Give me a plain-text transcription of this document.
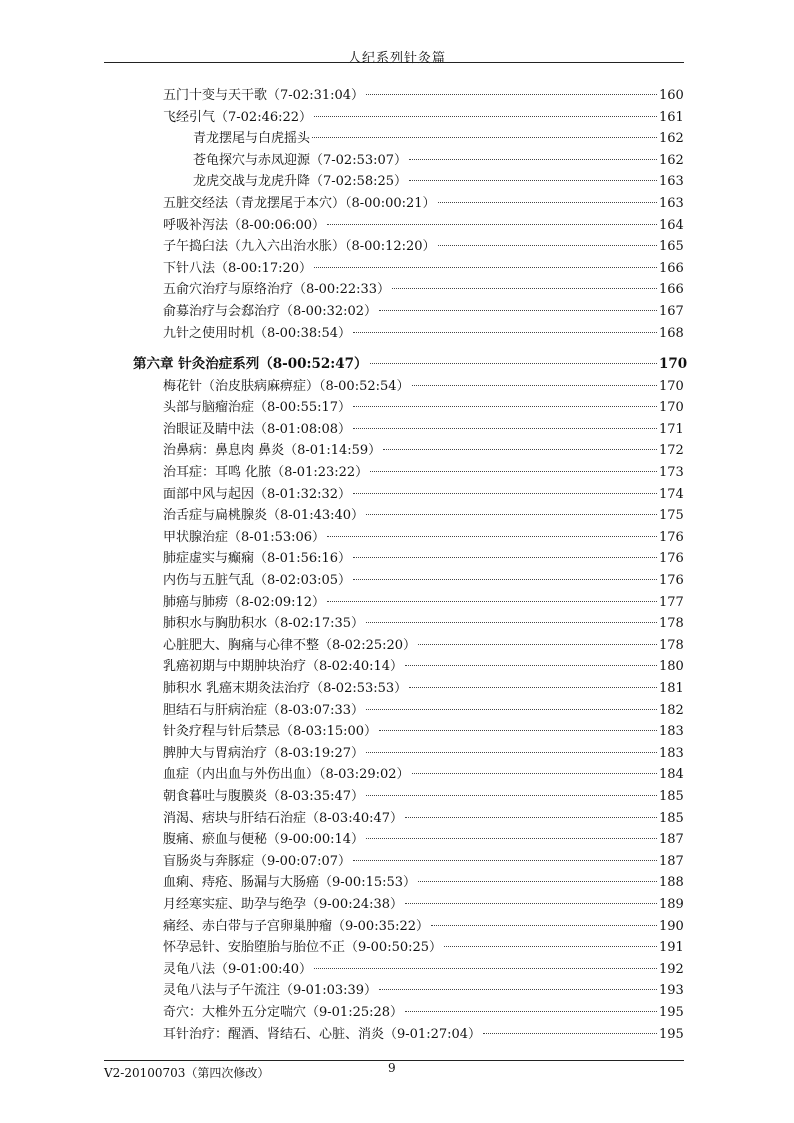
人纪系列针灸篇
五门十变与天干歌（7-02:31:04）	160
飞经引气（7-02:46:22）	161
青龙摆尾与白虎摇头	162
苍龟探穴与赤凤迎源（7-02:53:07）	162
龙虎交战与龙虎升降（7-02:58:25）	163
五脏交经法（青龙摆尾于本穴）（8-00:00:21）	163
呼吸补泻法（8-00:06:00）	164
子午捣臼法（九入六出治水胀）（8-00:12:20）	165
下针八法（8-00:17:20）	166
五俞穴治疗与原络治疗（8-00:22:33）	166
俞募治疗与会郄治疗（8-00:32:02）	167
九针之使用时机（8-00:38:54）	168
第六章 针灸治症系列（8-00:52:47）	170
梅花针（治皮肤病麻痹症）（8-00:52:54）	170
头部与脑瘤治症（8-00:55:17）	170
治眼证及睛中法（8-01:08:08）	171
治鼻病：鼻息肉 鼻炎（8-01:14:59）	172
治耳症：耳鸣 化脓（8-01:23:22）	173
面部中风与起因（8-01:32:32）	174
治舌症与扁桃腺炎（8-01:43:40）	175
甲状腺治症（8-01:53:06）	176
肺症虚实与癫痫（8-01:56:16）	176
内伤与五脏气乱（8-02:03:05）	176
肺癌与肺痨（8-02:09:12）	177
肺积水与胸肋积水（8-02:17:35）	178
心脏肥大、胸痛与心律不整（8-02:25:20）	178
乳癌初期与中期肿块治疗（8-02:40:14）	180
肺积水 乳癌末期灸法治疗（8-02:53:53）	181
胆结石与肝病治症（8-03:07:33）	182
针灸疗程与针后禁忌（8-03:15:00）	183
脾肿大与胃病治疗（8-03:19:27）	183
血症（内出血与外伤出血）（8-03:29:02）	184
朝食暮吐与腹膜炎（8-03:35:47）	185
消渴、痞块与肝结石治症（8-03:40:47）	185
腹痛、瘀血与便秘（9-00:00:14）	187
盲肠炎与奔豚症（9-00:07:07）	187
血痢、痔疮、肠漏与大肠癌（9-00:15:53）	188
月经寒实症、助孕与绝孕（9-00:24:38）	189
痛经、赤白带与子宫卵巢肿瘤（9-00:35:22）	190
怀孕忌针、安胎堕胎与胎位不正（9-00:50:25）	191
灵龟八法（9-01:00:40）	192
灵龟八法与子午流注（9-01:03:39）	193
奇穴：大椎外五分定喘穴（9-01:25:28）	195
耳针治疗：醒酒、肾结石、心脏、消炎（9-01:27:04）	195
V2-20100703（第四次修改）	9
